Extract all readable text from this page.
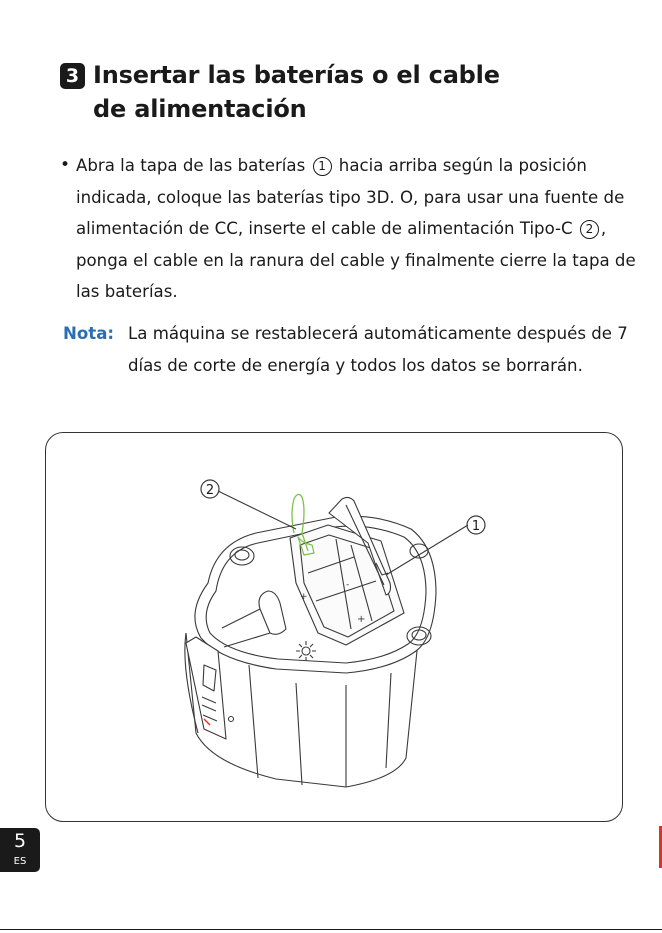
3 Insertar las baterías o el cable
de alimentación
• Abra la tapa de las baterías 1 hacia arriba según la posición indicada, coloque las baterías tipo 3D. O, para usar una fuente de alimentación de CC, inserte el cable de alimentación Tipo-C 2 , ponga el cable en la ranura del cable y finalmente cierre la tapa de las baterías.

Nota: La máquina se restablecerá automáticamente después de 7 días de corte de energía y todos los datos se borrarán.

-
+
+
2
1
5
ES
